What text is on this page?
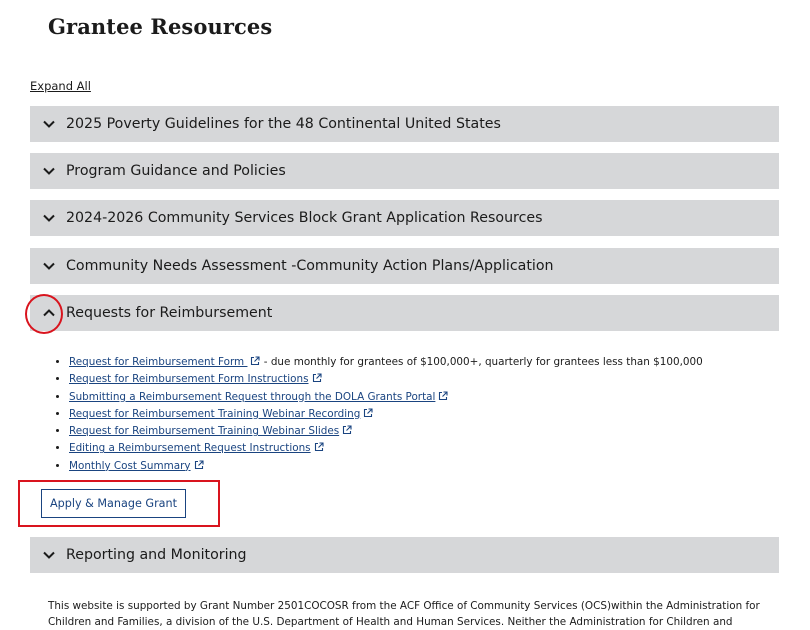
Grantee Resources
Expand All
2025 Poverty Guidelines for the 48 Continental United States
Program Guidance and Policies
2024-2026 Community Services Block Grant Application Resources
Community Needs Assessment -Community Action Plans/Application
Requests for Reimbursement
• Request for Reimbursement Form  - due monthly for grantees of $100,000+, quarterly for grantees less than $100,000
• Request for Reimbursement Form Instructions
• Submitting a Reimbursement Request through the DOLA Grants Portal
• Request for Reimbursement Training Webinar Recording
• Request for Reimbursement Training Webinar Slides
• Editing a Reimbursement Request Instructions
• Monthly Cost Summary
Apply & Manage Grant
Reporting and Monitoring

This website is supported by Grant Number 2501COCOSR from the ACF Office of Community Services (OCS)within the Administration for Children and Families, a division of the U.S. Department of Health and Human Services. Neither the Administration for Children and
